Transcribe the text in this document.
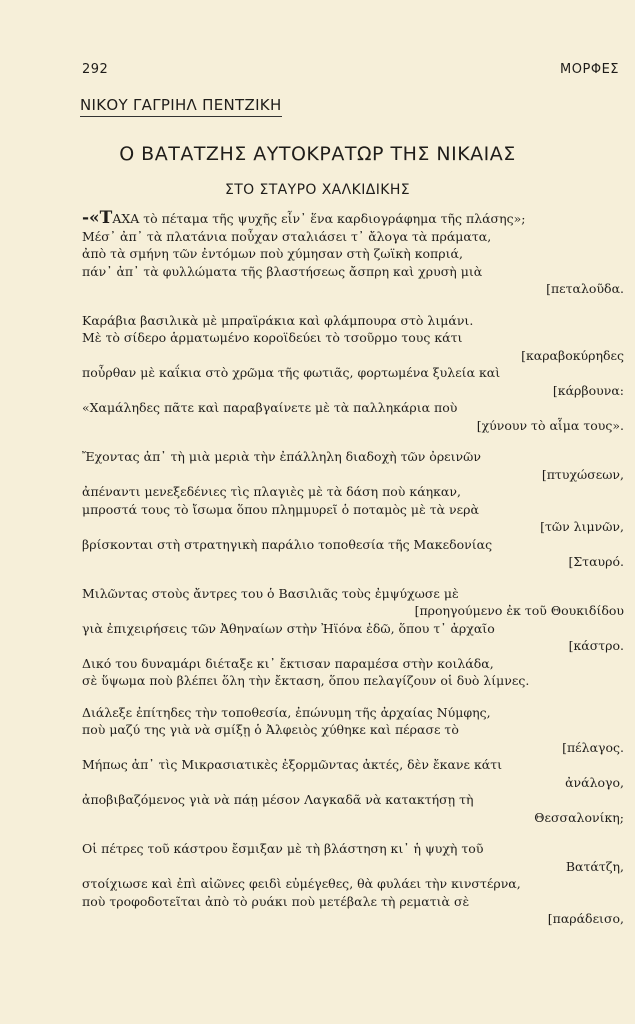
292	ΜΟΡΦΕΣ
ΝΙΚΟΥ ΓΑΓΡΙΗΛ ΠΕΝΤΖΙΚΗ
Ο ΒΑΤΑΤΖΗΣ ΑΥΤΟΚΡΑΤΩΡ ΤΗΣ ΝΙΚΑΙΑΣ
ΣΤΟ ΣΤΑΥΡΟ ΧΑΛΚΙΔΙΚΗΣ
-«ΤΑΧΑ τὸ πέταμα τῆς ψυχῆς εἶν᾽ ἕνα καρδιογράφημα τῆς πλάσης»;
Μέσ᾽ ἀπ᾽ τὰ πλατάνια ποὖχαν σταλιάσει τ᾽ ἄλογα τὰ πράματα,
ἀπὸ τὰ σμήνη τῶν ἐντόμων ποὺ χύμησαν στὴ ζωϊκὴ κοπριά,
πάν᾽ ἀπ᾽ τὰ φυλλώματα τῆς βλαστήσεως ἄσπρη καὶ χρυσὴ μιὰ
[πεταλοῦδα.
Καράβια βασιλικὰ μὲ μπραϊράκια καὶ φλάμπουρα στὸ λιμάνι.
Μὲ τὸ σίδερο ἁρματωμένο κοροϊδεύει τὸ τσοῦρμο τους κάτι
[καραβοκύρηδες
ποὖρθαν μὲ καΐκια στὸ χρῶμα τῆς φωτιᾶς, φορτωμένα ξυλεία καὶ
[κάρβουνα:
«Χαμάληδες πᾶτε καὶ παραβγαίνετε μὲ τὰ παλληκάρια ποὺ
[χύνουν τὸ αἷμα τους».
Ἔχοντας ἀπ᾽ τὴ μιὰ μεριὰ τὴν ἐπάλληλη διαδοχὴ τῶν ὀρεινῶν
[πτυχώσεων,
ἀπέναντι μενεξεδένιες τὶς πλαγιὲς μὲ τὰ δάση ποὺ κάηκαν,
μπροστά τους τὸ ἴσωμα ὅπου πλημμυρεῖ ὁ ποταμὸς μὲ τὰ νερὰ
[τῶν λιμνῶν,
βρίσκονται στὴ στρατηγικὴ παράλιο τοποθεσία τῆς Μακεδονίας
[Σταυρό.
Μιλῶντας στοὺς ἄντρες του ὁ Βασιλιᾶς τοὺς ἐμψύχωσε μὲ
[προηγούμενο ἐκ τοῦ Θουκιδίδου
γιὰ ἐπιχειρήσεις τῶν Ἀθηναίων στὴν Ἠϊόνα ἐδῶ, ὅπου τ᾽ ἀρχαῖο
[κάστρο.
Δικό του δυναμάρι διέταξε κι᾽ ἔκτισαν παραμέσα στὴν κοιλάδα,
σὲ ὕψωμα ποὺ βλέπει ὅλη τὴν ἔκταση, ὅπου πελαγίζουν οἱ δυὸ λίμνες.
Διάλεξε ἐπίτηδες τὴν τοποθεσία, ἐπώνυμη τῆς ἀρχαίας Νύμφης,
ποὺ μαζύ της γιὰ νὰ σμίξῃ ὁ Ἀλφειὸς χύθηκε καὶ πέρασε τὸ
[πέλαγος.
Μήπως ἀπ᾽ τὶς Μικρασιατικὲς ἐξορμῶντας ἀκτές, δὲν ἔκανε κάτι
ἀνάλογο,
ἀποβιβαζόμενος γιὰ νὰ πάῃ μέσον Λαγκαδᾶ νὰ κατακτήσῃ τὴ
Θεσσαλονίκη;
Οἱ πέτρες τοῦ κάστρου ἔσμιξαν μὲ τὴ βλάστηση κι᾽ ἡ ψυχὴ τοῦ
Βατάτζη,
στοίχιωσε καὶ ἐπὶ αἰῶνες φειδὶ εὐμέγεθες, θὰ φυλάει τὴν κινστέρνα,
ποὺ τροφοδοτεῖται ἀπὸ τὸ ρυάκι ποὺ μετέβαλε τὴ ρεματιὰ σὲ
[παράδεισο,
